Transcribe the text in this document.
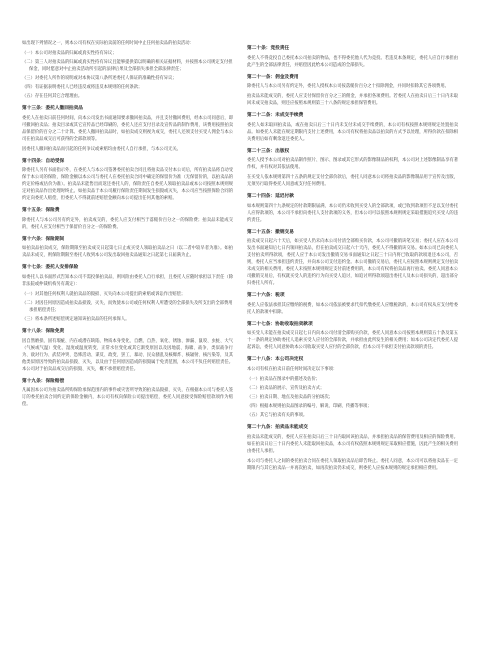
如出现下列情况之一，则本公司有权在实际拍卖前的任何时间中止任何拍卖品的拍卖活动：

（一）本公司对拍卖品的归属或真实性持有异议；
（二）第三人对拍卖品的归属或真实性持有异议且能够提供第以明确的相关证据材料，并按照本公司规定支付担保金，同时愿意对中止拍卖活动所引起的法律后果及全部损失承担全部法律责任；
（三）对委托人所作的说明或对本协议第八条所述委托人保证的准确性持有异议；
（四）有证据表明委托人已经违反或将违反本规则的任何条款；
（五）存在任何其它合理理由。
第十三条：委托人撤回拍卖品

委托人在拍卖日前任何时间，向本公司发出书面通知要求撤回拍卖品，并且支付撤回费用，经本公司同意后，即可撤回拍卖品；拍卖目录或其它宣传品已经印刷的，委托人还应支付目录及宣传品的制作费用，该费用按照拍卖品保留价的百分之二十计算。委托人撤回拍卖品时，如拍卖成交则视为成交，委托人还须支付买受人佣金与本公司在拍卖品成交后可获得的全部款项等。

因委托人撤回拍卖品而引起的任何争议或索赔均由委托人自行承担，与本公司无关。

第十四条：自动受保

除委托人另有书面指示外，在委托人与本公司签署委托拍卖合同且将拍卖品交付本公司后，所有拍卖品将自动受保于本公司的保险，保险金额以本公司与委托人在委托拍卖合同中确定的保留价为准（无保留价的，以拍卖品的约定价格或估价为准）。拍卖品未能售出而返还委托人的，保险责任自委托人领取拍卖品或本公司按照本规则规定对拍卖品作出处理时终止。如拍卖品于本公司履行保险责任期间发生损毁或灭失，本公司应当按照保险合同的约定向委托人赔偿，但委托人不得就前述赔偿金额向本公司提出任何其他的索赔。

第十五条：保险费

除委托人与本公司另有约定外，拍卖成交的，委托人应支付相当于落槌价百分之一的保险费；拍卖品未能成交的，委托人应支付相当于保留价百分之一的保险费。

第十六条：保险期间

如拍卖品拍卖成交，保险期限至拍卖成交日起第七日止或买受人领取拍卖品之日（以二者中较早者为准）。如拍卖品未成交，则保险期限至委托人收到本公司发出取回拍卖品通知之日起第七日届满为止。

第十七条：委托人安排保险

如委托人以书面形式告知本公司不需投保拍卖品，则风险由委托人自行承担，且委托人应随时承担以下责任（除非法院或仲裁机构另有裁定）：

（一）对其他任何权利人就拍卖品的毁损、灭失向本公司提出的索赔或诉讼作出赔偿；
（二）对因任何原因造成拍卖品损毁、灭失，而致使本公司或任何权利人所遭受的全部损失及所支出的全部费用承担赔偿责任；
（三）将本条所述赔偿规定通知该拍卖品的任何承保人。
第十八条：保险免责

因自然磨损、固有瑕疵、内在或潜在缺陷、物质本身变化、自燃、自热、氧化、锈蚀、渗漏、鼠咬、虫蛀、大气（气候或气温）变化、湿度或温度转变、正常水位变化或其它渐变原因以及因地震、海啸、战争、类似战争行为、敌对行为、武装冲突、恐怖活动、谋反、政变、罢工、暴动、民众骚乱及核爆炸、核辐射、核污染等，及其他类似原因导致的拍卖品损毁、灭失，以及由于任何原因造成的损毁属于免责范围，本公司不负任何赔偿责任。本公司对于拍卖品成交后的损毁、灭失，概不承担赔偿责任。

第十九条：保险赔偿

凡属因本公司为拍卖品所购保险承保范围内的事件或灾害所导致的拍卖品毁损、灭失，在根据本公司与委托人签订的委托拍卖合同约定的保险金额内，本公司有权向保险公司提出赔偿，委托人同意接受保险赔偿款项作为赔偿。

第二十条：竞投责任

委托人不得竞投自己委托本公司拍卖的物品，也不得委托他人代为竞投。若违反本条规定，委托人应自行承担由此产生的全部法律责任，并赔偿因此给本公司造成的全部损失。

第二十一条：佣金及费用

除委托人与本公司另有约定外，委托人授权本公司按落槌价百分之十扣除佣金，并同时扣除其它各项费用。

拍卖品未能成交的，委托人应支付保留价百分之三的佣金，并承担各项费用。若委托人在拍卖日后三十日内未取回未成交拍卖品，则还应按照本规则第三十八条的规定承担保管费用。

第二十二条：未成交手续费

委托人如未取回拍卖品，或在拍卖日后三十日内未支付未成交手续费的，本公司有权按照本规则规定处置拍卖品。如委托人未能在规定期限内支付上述费用，本公司有权将拍卖品以拍卖的方式予以处理，所得价款在扣除相关费用后如有剩余返还委托人。

第二十三条：出版权

委托人授予本公司对拍卖品制作照片、图示、图录或其它形式的影像制品的权利，本公司对上述影像制品享有著作权，并有权对其依法使用。

在买受人依本规则第四十五条的规定支付全部价款后，委托人同意本公司将拍卖品的影像制品用于宣传及出版，无须另行取得委托人同意或支付任何费用。

第二十四条：延迟付款

如本规则第四十九条规定的付款期限届满，本公司仍未收到买受人的全部款项，或已收到款项但不足以支付委托人应得款项的，本公司不承担向委托人支付款项的义务，但本公司可以依照本规则规定采取措施追究买受人的违约责任。

第二十五条：撤销交易

拍卖成交日起六十天后，如买受人仍未向本公司付清全部购买价款，本公司可撤销该笔交易；委托人应在本公司发出书面通知后七日内领回拍卖品，但在拍卖成交日起六十天内，委托人不得撤销该交易。如本公司已向委托人支付拍卖所得款项，委托人应于本公司发出撤销交易书面通知之日起三十日内将已收取的款项退还本公司，否则，委托人应当承担违约责任，并向本公司支付违约金。本公司撤销交易后，委托人应按照本规则规定支付拍卖未成交的相关费用，委托人未按照本规则规定支付前述费用的，本公司有权将拍卖品再行拍卖。委托人同意本公司撤销交易后，有权就买受人的违约行为向买受人追讨，如追讨所得款项超出委托人及本公司损失的，超出部分归委托人所有。

第二十六条：税项

委托人应依法承担其应缴纳的税费，如本公司依法被要求代扣代缴委托人应缴税款的，本公司有权从应支付给委托人的款项中扣除。

第二十七条：协助收取拍卖款项

如买受人未能在拍卖成交日起七日内向本公司付清全部购买价款，委托人同意本公司按照本规则第五十条及第五十一条的规定协助委托人追索买受人应付的全部价款，并承担由此所发生的相关费用；如本公司决定代委托人提起诉讼，委托人同意协助本公司收取买受人应付的全部价款，但本公司不承担支付拍卖款项的责任。

第二十八条：本公司决定权

本公司有权在拍卖日前任何时间决定以下事项：

（一）拍卖品在图录中的描述及估价；
（二）拍卖品的展示、宣传及拍卖方式；
（三）拍卖日期、地点及拍卖品的分拍场次；
（四）根据本规则拍卖品图录的编号、解说、印刷、传播等事项；
（五）其它与拍卖有关的事项。
第二十九条：拍卖品未能成交

拍卖品未能成交的，委托人应在拍卖日后三十日内取回该拍卖品，并承担拍卖品的保管费用及相应的保险费用。如在拍卖日后三十日内委托人未能取回拍卖品，本公司有权依照本规则规定采取相应措施，因此产生的相关费用由委托人承担。

本公司与委托人之间的委托拍卖合同在委托人领取拍卖品后即告终止。委托人同意，本公司可以将拍卖品在一定期限内与其它拍卖品一并再次拍卖，如再次拍卖仍未成交，则委托人应按本规则的规定承担相应费用。
